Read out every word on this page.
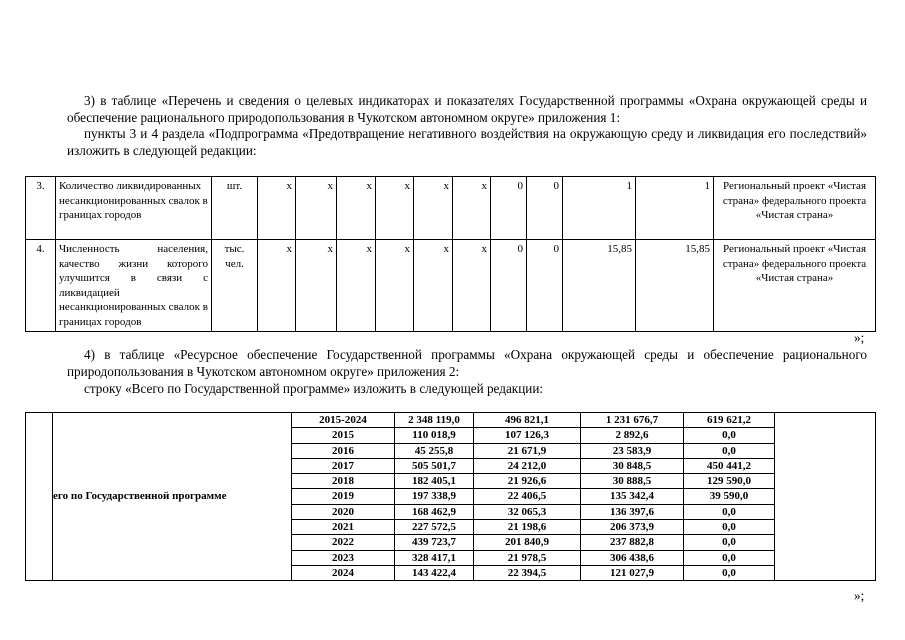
3) в таблице «Перечень и сведения о целевых индикаторах и показателях Государственной программы «Охрана окружающей среды и обеспечение рационального природопользования в Чукотском автономном округе» приложения 1:
пункты 3 и 4 раздела «Подпрограмма «Предотвращение негативного воздействия на окружающую среду и ликвидация его последствий» изложить в следующей редакции:
3.	Количество ликвидированных несанкционированных свалок в границах городов	шт.	х	х	х	х	х	х	0	0	1	1	Региональный проект «Чистая страна» федерального проекта «Чистая страна»
4.	Численность населения, качество жизни которого улучшится в связи с ликвидацией несанкционированных свалок в границах городов	тыс. чел.	х	х	х	х	х	х	0	0	15,85	15,85	Региональный проект «Чистая страна» федерального проекта «Чистая страна»
»;
4) в таблице «Ресурсное обеспечение Государственной программы «Охрана окружающей среды и обеспечение рационального природопользования в Чукотском автономном округе» приложения 2:
строку «Всего по Государственной программе» изложить в следующей редакции:
	его по Государственной программе	2015-2024	2 348 119,0	496 821,1	1 231 676,7	619 621,2	
		2015	110 018,9	107 126,3	2 892,6	0,0	
		2016	45 255,8	21 671,9	23 583,9	0,0	
		2017	505 501,7	24 212,0	30 848,5	450 441,2	
		2018	182 405,1	21 926,6	30 888,5	129 590,0	
		2019	197 338,9	22 406,5	135 342,4	39 590,0	
		2020	168 462,9	32 065,3	136 397,6	0,0	
		2021	227 572,5	21 198,6	206 373,9	0,0	
		2022	439 723,7	201 840,9	237 882,8	0,0	
		2023	328 417,1	21 978,5	306 438,6	0,0	
		2024	143 422,4	22 394,5	121 027,9	0,0	
»;
